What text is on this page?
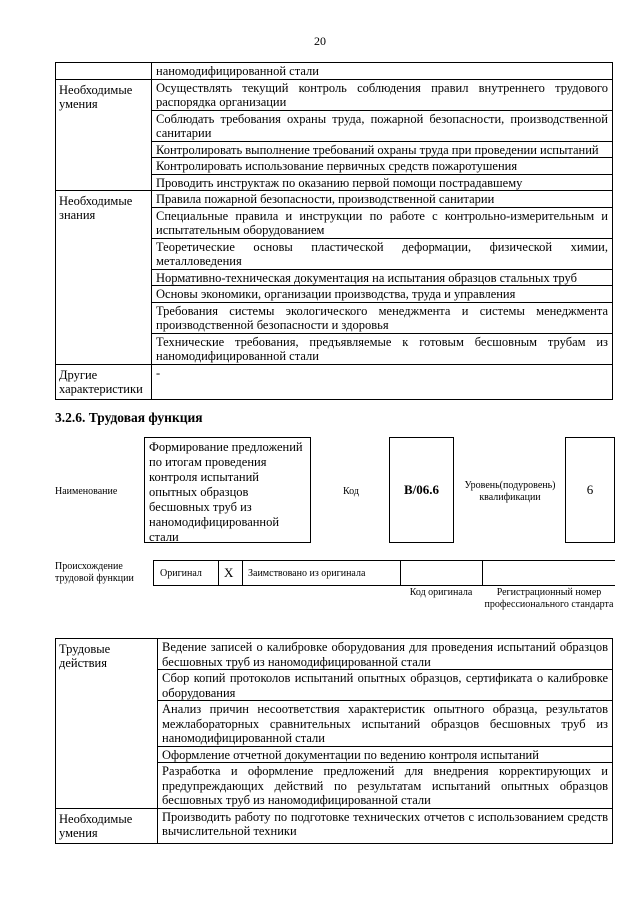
20
	наномодифицированной стали
Необходимые умения	Осуществлять текущий контроль соблюдения правил внутреннего трудового распорядка организации
	Соблюдать требования охраны труда, пожарной безопасности, производственной санитарии
	Контролировать выполнение требований охраны труда при проведении испытаний
	Контролировать использование первичных средств пожаротушения
	Проводить инструктаж по оказанию первой помощи пострадавшему
Необходимые знания	Правила пожарной безопасности, производственной санитарии
	Специальные правила и инструкции по работе с контрольно-измерительным и испытательным оборудованием
	Теоретические основы пластической деформации, физической химии, металловедения
	Нормативно-техническая документация на испытания образцов стальных труб
	Основы экономики, организации производства, труда и управления
	Требования системы экологического менеджмента и системы менеджмента производственной безопасности и здоровья
	Технические требования, предъявляемые к готовым бесшовным трубам из наномодифицированной стали
Другие характеристики	-
3.2.6. Трудовая функция
Наименование
Формирование предложений по итогам проведения контроля испытаний опытных образцов бесшовных труб из наномодифицированной стали
Код	B/06.6	Уровень(подуровень) квалификации
6
Происхождение трудовой функции	Оригинал X Заимствовано из оригинала
Код оригинала	Регистрационный номер профессионального стандарта
Трудовые действия	Ведение записей о калибровке оборудования для проведения испытаний образцов бесшовных труб из наномодифицированной стали
	Сбор копий протоколов испытаний опытных образцов, сертификата о калибровке оборудования
	Анализ причин несоответствия характеристик опытного образца, результатов межлабораторных сравнительных испытаний образцов бесшовных труб из наномодифицированной стали
	Оформление отчетной документации по ведению контроля испытаний
	Разработка и оформление предложений для внедрения корректирующих и предупреждающих действий по результатам испытаний опытных образцов бесшовных труб из наномодифицированной стали
Необходимые умения	Производить работу по подготовке технических отчетов с использованием средств вычислительной техники
